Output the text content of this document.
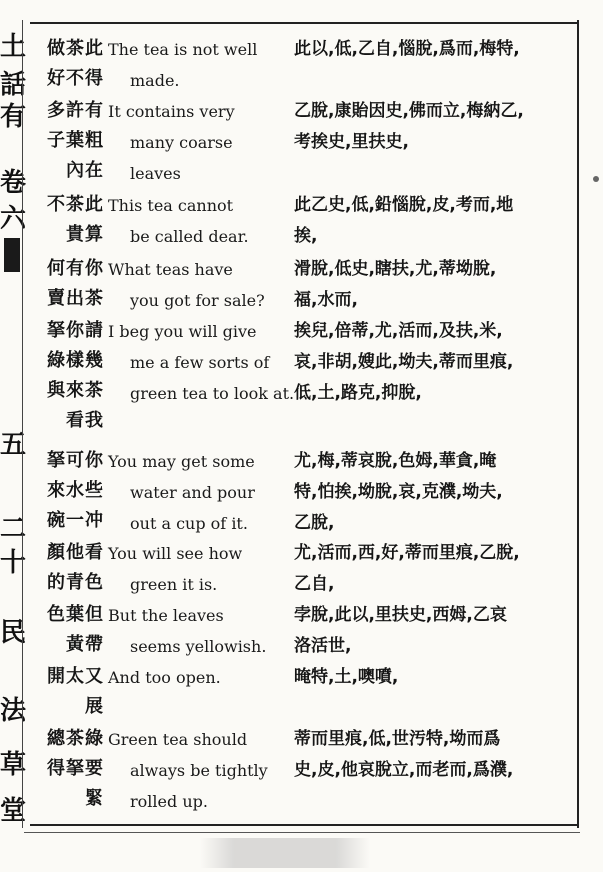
土
話
有
卷
六
五
二
十
民
法
草
堂
做茶此
好不得
The tea is not well
made.
此以,低,乙自,惱脫,爲而,梅特,
多許有
子葉粗
內在
It contains very
many coarse
leaves
乙脫,康貽因史,佛而立,梅納乙,
考挨史,里扶史,
不茶此
貴算
This tea cannot
be called dear.
此乙史,低,鉛惱脫,皮,考而,地
挨,
何有你
賣出茶
What teas have
you got for sale?
滑脫,低史,瞎扶,尤,蒂坳脫,
福,水而,
拏你請
綠樣幾
與來茶
看我
I beg you will give
me a few sorts of
green tea to look at.
挨兒,倍蒂,尤,活而,及扶,米,
哀,非胡,嫂此,坳夫,蒂而里痕,
低,土,路克,抑脫,
拏可你
來水些
碗一冲
You may get some
water and pour
out a cup of it.
尤,梅,蒂哀脫,色姆,華貪,晻
特,怕挨,坳脫,哀,克濮,坳夫,
乙脫,
顏他看
的青色
You will see how
green it is.
尤,活而,西,好,蒂而里痕,乙脫,
乙自,
色葉但
黃帶
But the leaves
seems yellowish.
孛脫,此以,里扶史,西姆,乙哀
洛活世,
開太又
展
And too open.	晻特,土,噢噴,
總茶綠
得拏要
緊
Green tea should
always be tightly
rolled up.
蒂而里痕,低,世汚特,坳而爲
史,皮,他哀脫立,而老而,爲濮,
